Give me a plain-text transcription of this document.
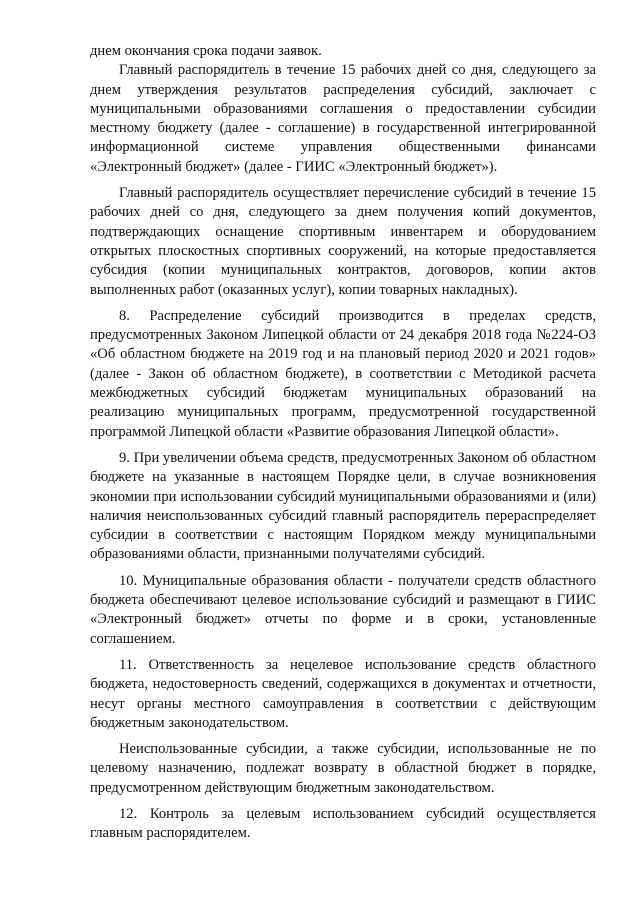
днем окончания срока подачи заявок.

Главный распорядитель в течение 15 рабочих дней со дня, следующего за днем утверждения результатов распределения субсидий, заключает с муниципальными образованиями соглашения о предоставлении субсидии местному бюджету (далее - соглашение) в государственной интегрированной информационной системе управления общественными финансами «Электронный бюджет» (далее - ГИИС «Электронный бюджет»).

Главный распорядитель осуществляет перечисление субсидий в течение 15 рабочих дней со дня, следующего за днем получения копий документов, подтверждающих оснащение спортивным инвентарем и оборудованием открытых плоскостных спортивных сооружений, на которые предоставляется субсидия (копии муниципальных контрактов, договоров, копии актов выполненных работ (оказанных услуг), копии товарных накладных).

8. Распределение субсидий производится в пределах средств, предусмотренных Законом Липецкой области от 24 декабря 2018 года №224-ОЗ «Об областном бюджете на 2019 год и на плановый период 2020 и 2021 годов» (далее - Закон об областном бюджете), в соответствии с Методикой расчета межбюджетных субсидий бюджетам муниципальных образований на реализацию муниципальных программ, предусмотренной государственной программой Липецкой области «Развитие образования Липецкой области».

9. При увеличении объема средств, предусмотренных Законом об областном бюджете на указанные в настоящем Порядке цели, в случае возникновения экономии при использовании субсидий муниципальными образованиями и (или) наличия неиспользованных субсидий главный распорядитель перераспределяет субсидии в соответствии с настоящим Порядком между муниципальными образованиями области, признанными получателями субсидий.

10. Муниципальные образования области - получатели средств областного бюджета обеспечивают целевое использование субсидий и размещают в ГИИС «Электронный бюджет» отчеты по форме и в сроки, установленные соглашением.

11. Ответственность за нецелевое использование средств областного бюджета, недостоверность сведений, содержащихся в документах и отчетности, несут органы местного самоуправления в соответствии с действующим бюджетным законодательством.

Неиспользованные субсидии, а также субсидии, использованные не по целевому назначению, подлежат возврату в областной бюджет в порядке, предусмотренном действующим бюджетным законодательством.

12. Контроль за целевым использованием субсидий осуществляется главным распорядителем.
